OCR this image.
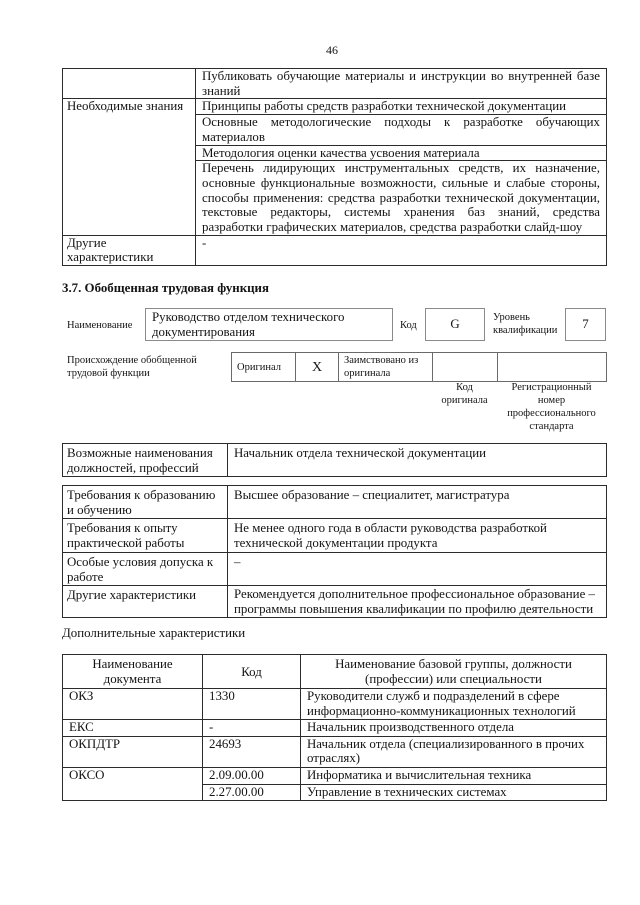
46
	Публиковать обучающие материалы и инструкции во внутренней базе знаний
Необходимые знания	Принципы работы средств разработки технической документации
	Основные методологические подходы к разработке обучающих материалов
	Методология оценки качества усвоения материала
	Перечень лидирующих инструментальных средств, их назначение, основные функциональные возможности, сильные и слабые стороны, способы применения: средства разработки технической документации, текстовые редакторы, системы хранения баз знаний, средства разработки графических материалов, средства разработки слайд-шоу
Другие характеристики	-
3.7. Обобщенная трудовая функция
Наименование
Руководство отделом технического документирования	Код	G	Уровень квалификации	7
Происхождение обобщенной трудовой функции
Оригинал	X	Заимствовано из оригинала		
Код оригинала
Регистрационный номер профессионального стандарта
Возможные наименования должностей, профессий	Начальник отдела технической документации
Требования к образованию и обучению	Высшее образование – специалитет, магистратура
Требования к опыту практической работы	Не менее одного года в области руководства разработкой технической документации продукта
Особые условия допуска к работе	–
Другие характеристики	Рекомендуется дополнительное профессиональное образование – программы повышения квалификации по профилю деятельности
Дополнительные характеристики
Наименование документа	Код	Наименование базовой группы, должности (профессии) или специальности
ОКЗ	1330	Руководители служб и подразделений в сфере информационно-коммуникационных технологий
ЕКС	-	Начальник производственного отдела
ОКПДТР	24693	Начальник отдела (специализированного в прочих отраслях)
ОКСО	2.09.00.00	Информатика и вычислительная техника
	2.27.00.00	Управление в технических системах
